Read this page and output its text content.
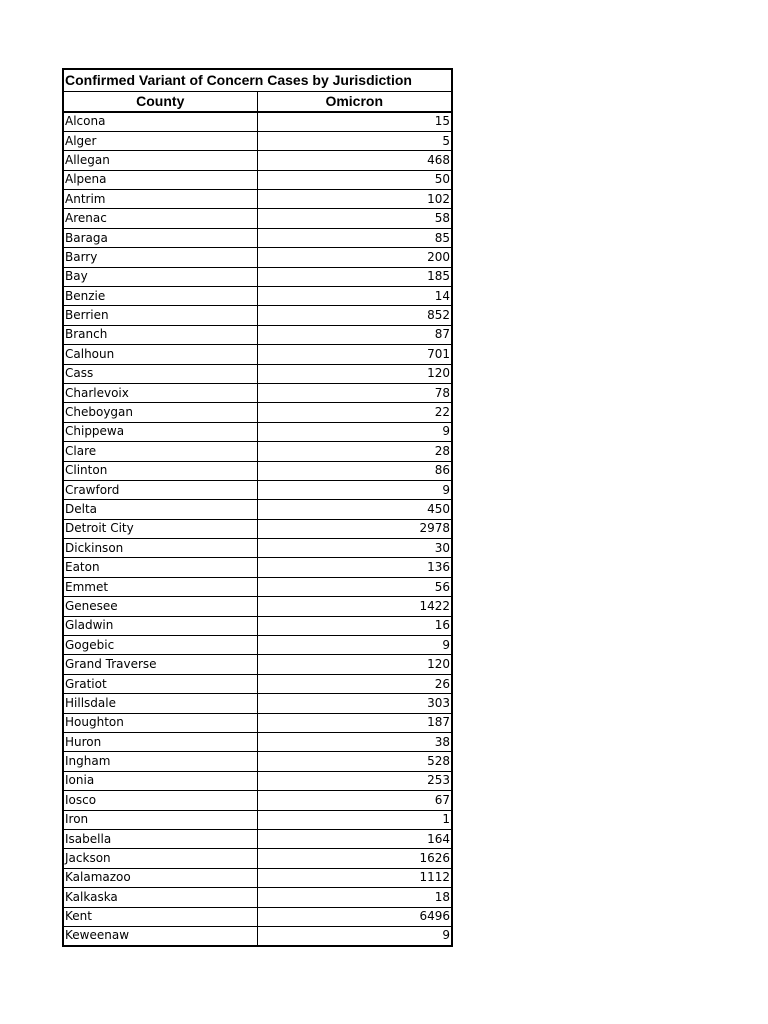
Confirmed Variant of Concern Cases by Jurisdiction	
County	Omicron
Alcona	15
Alger	5
Allegan	468
Alpena	50
Antrim	102
Arenac	58
Baraga	85
Barry	200
Bay	185
Benzie	14
Berrien	852
Branch	87
Calhoun	701
Cass	120
Charlevoix	78
Cheboygan	22
Chippewa	9
Clare	28
Clinton	86
Crawford	9
Delta	450
Detroit City	2978
Dickinson	30
Eaton	136
Emmet	56
Genesee	1422
Gladwin	16
Gogebic	9
Grand Traverse	120
Gratiot	26
Hillsdale	303
Houghton	187
Huron	38
Ingham	528
Ionia	253
Iosco	67
Iron	1
Isabella	164
Jackson	1626
Kalamazoo	1112
Kalkaska	18
Kent	6496
Keweenaw	9
